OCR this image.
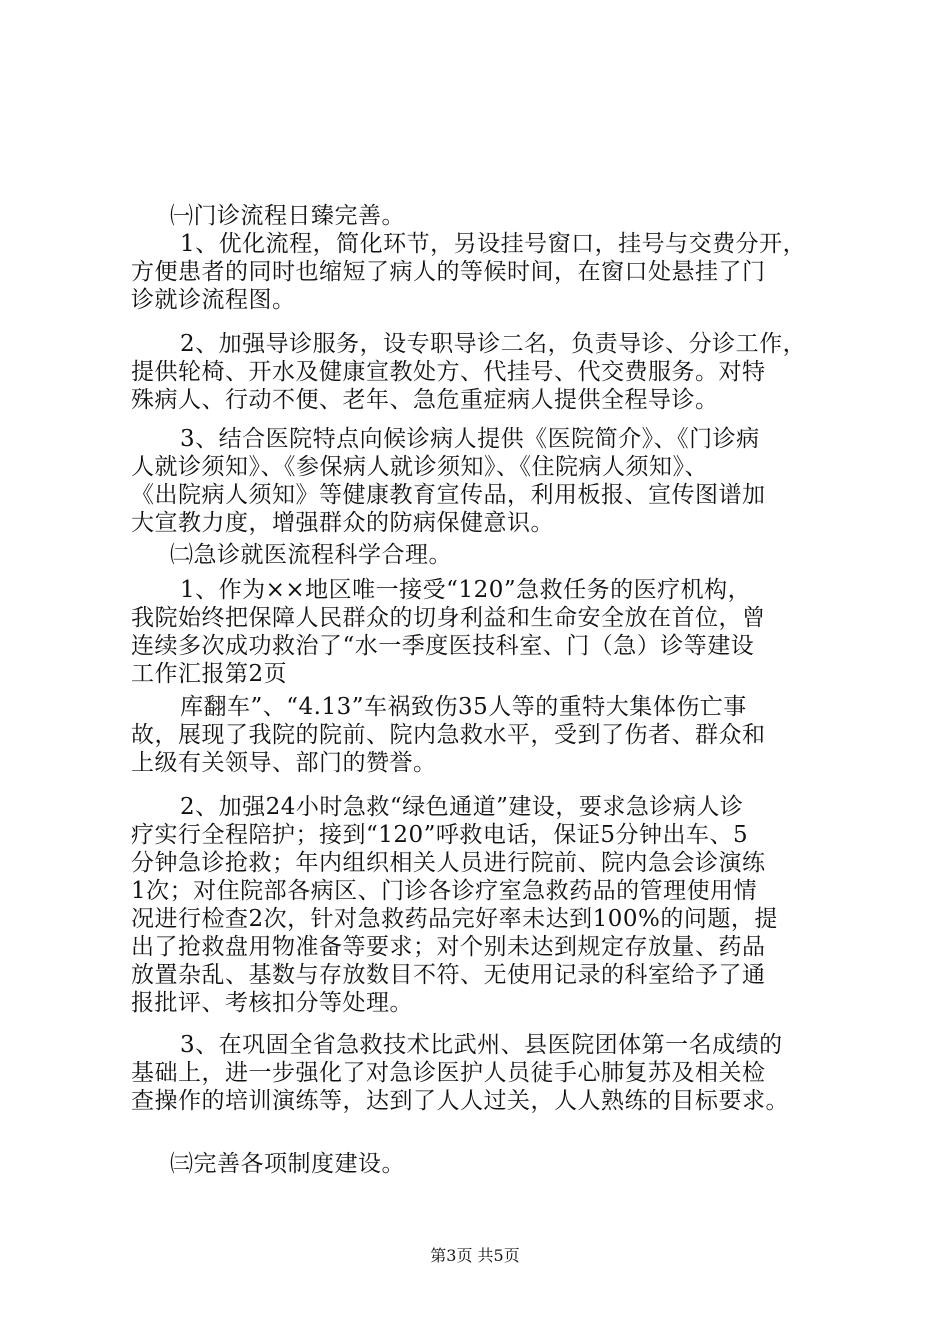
㈠门诊流程日臻完善。
1、优化流程，简化环节，另设挂号窗口，挂号与交费分开，
方便患者的同时也缩短了病人的等候时间，在窗口处悬挂了门
诊就诊流程图。
2、加强导诊服务，设专职导诊二名，负责导诊、分诊工作，
提供轮椅、开水及健康宣教处方、代挂号、代交费服务。对特
殊病人、行动不便、老年、急危重症病人提供全程导诊。
3、结合医院特点向候诊病人提供《医院简介》、《门诊病
人就诊须知》、《参保病人就诊须知》、《住院病人须知》、
《出院病人须知》等健康教育宣传品，利用板报、宣传图谱加
大宣教力度，增强群众的防病保健意识。
㈡急诊就医流程科学合理。
1、作为××地区唯一接受“120”急救任务的医疗机构，
我院始终把保障人民群众的切身利益和生命安全放在首位，曾
连续多次成功救治了“水一季度医技科室、门（急）诊等建设
工作汇报第2页
库翻车”、“4.13”车祸致伤35人等的重特大集体伤亡事
故，展现了我院的院前、院内急救水平，受到了伤者、群众和
上级有关领导、部门的赞誉。
2、加强24小时急救“绿色通道”建设，要求急诊病人诊
疗实行全程陪护；接到“120”呼救电话，保证5分钟出车、5
分钟急诊抢救；年内组织相关人员进行院前、院内急会诊演练
1次；对住院部各病区、门诊各诊疗室急救药品的管理使用情
况进行检查2次，针对急救药品完好率未达到100%的问题，提
出了抢救盘用物准备等要求；对个别未达到规定存放量、药品
放置杂乱、基数与存放数目不符、无使用记录的科室给予了通
报批评、考核扣分等处理。
3、在巩固全省急救技术比武州、县医院团体第一名成绩的
基础上，进一步强化了对急诊医护人员徒手心肺复苏及相关检
查操作的培训演练等，达到了人人过关，人人熟练的目标要求。
㈢完善各项制度建设。
第3页 共5页
